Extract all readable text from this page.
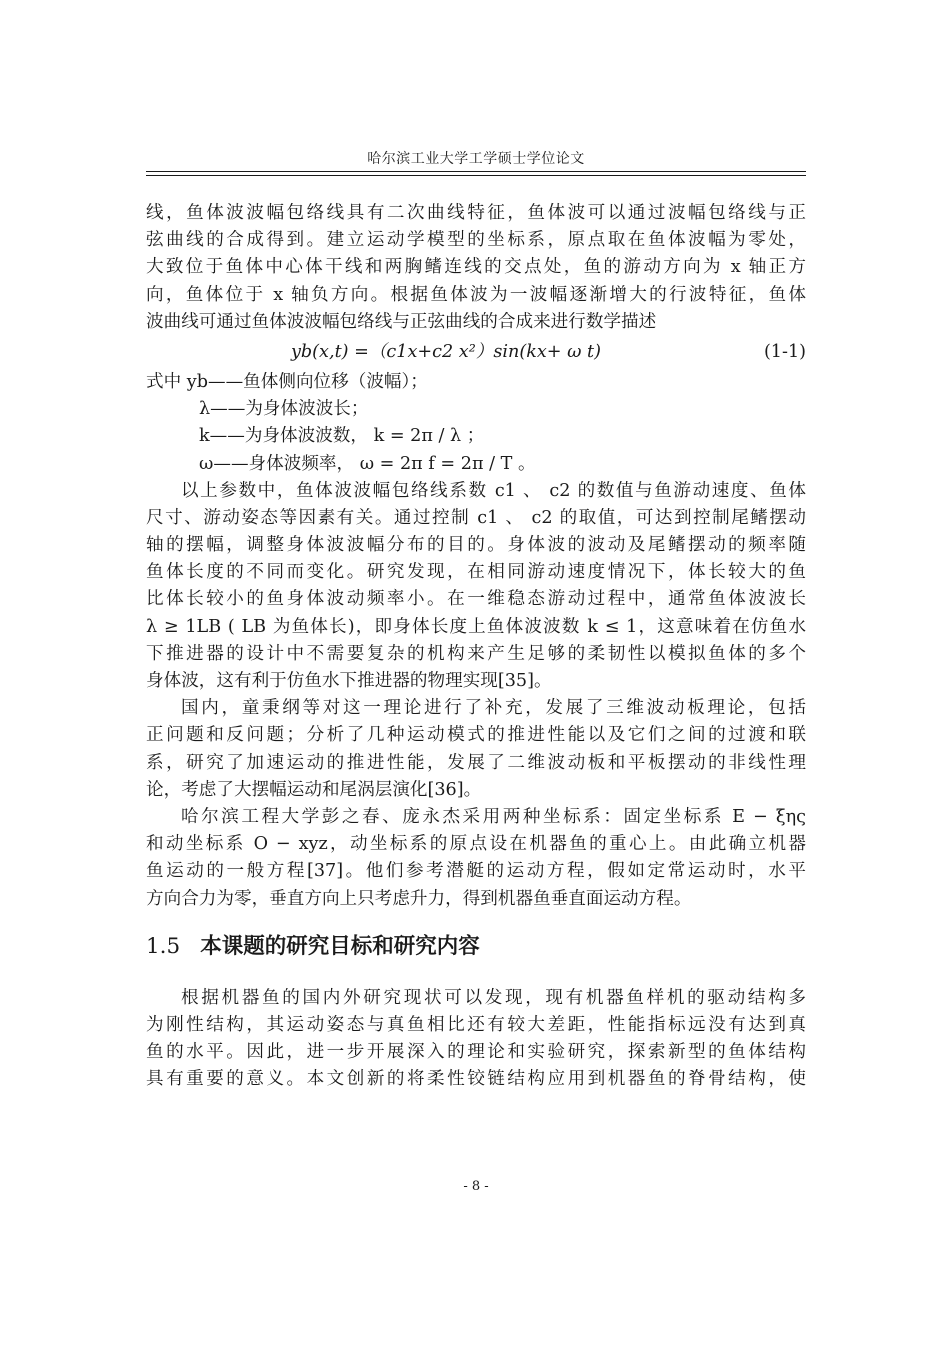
哈尔滨工业大学工学硕士学位论文
线，鱼体波波幅包络线具有二次曲线特征，鱼体波可以通过波幅包络线与正
弦曲线的合成得到。建立运动学模型的坐标系，原点取在鱼体波幅为零处，
大致位于鱼体中心体干线和两胸鳍连线的交点处，鱼的游动方向为 x 轴正方
向，鱼体位于 x 轴负方向。根据鱼体波为一波幅逐渐增大的行波特征，鱼体
波曲线可通过鱼体波波幅包络线与正弦曲线的合成来进行数学描述
yb(x,t) =（c1x+c2 x²）sin(kx+ ω t)	(1-1)
式中 yb——鱼体侧向位移（波幅）；
λ——为身体波波长；
k——为身体波波数， k = 2π / λ ；
ω——身体波频率， ω = 2π f = 2π / T 。
以上参数中，鱼体波波幅包络线系数 c1 、 c2 的数值与鱼游动速度、鱼体
尺寸、游动姿态等因素有关。通过控制 c1 、 c2 的取值，可达到控制尾鳍摆动
轴的摆幅，调整身体波波幅分布的目的。身体波的波动及尾鳍摆动的频率随
鱼体长度的不同而变化。研究发现，在相同游动速度情况下，体长较大的鱼
比体长较小的鱼身体波动频率小。在一维稳态游动过程中，通常鱼体波波长
λ ≥ 1LB ( LB 为鱼体长)，即身体长度上鱼体波波数 k ≤ 1，这意味着在仿鱼水
下推进器的设计中不需要复杂的机构来产生足够的柔韧性以模拟鱼体的多个
身体波，这有利于仿鱼水下推进器的物理实现[35]。
国内，童秉纲等对这一理论进行了补充，发展了三维波动板理论，包括
正问题和反问题；分析了几种运动模式的推进性能以及它们之间的过渡和联
系，研究了加速运动的推进性能，发展了二维波动板和平板摆动的非线性理
论，考虑了大摆幅运动和尾涡层演化[36]。
哈尔滨工程大学彭之春、庞永杰采用两种坐标系：固定坐标系 E − ξης
和动坐标系 O − xyz，动坐标系的原点设在机器鱼的重心上。由此确立机器
鱼运动的一般方程[37]。他们参考潜艇的运动方程，假如定常运动时，水平
方向合力为零，垂直方向上只考虑升力，得到机器鱼垂直面运动方程。
1.5 本课题的研究目标和研究内容
根据机器鱼的国内外研究现状可以发现，现有机器鱼样机的驱动结构多
为刚性结构，其运动姿态与真鱼相比还有较大差距，性能指标远没有达到真
鱼的水平。因此，进一步开展深入的理论和实验研究，探索新型的鱼体结构
具有重要的意义。本文创新的将柔性铰链结构应用到机器鱼的脊骨结构，使
- 8 -
